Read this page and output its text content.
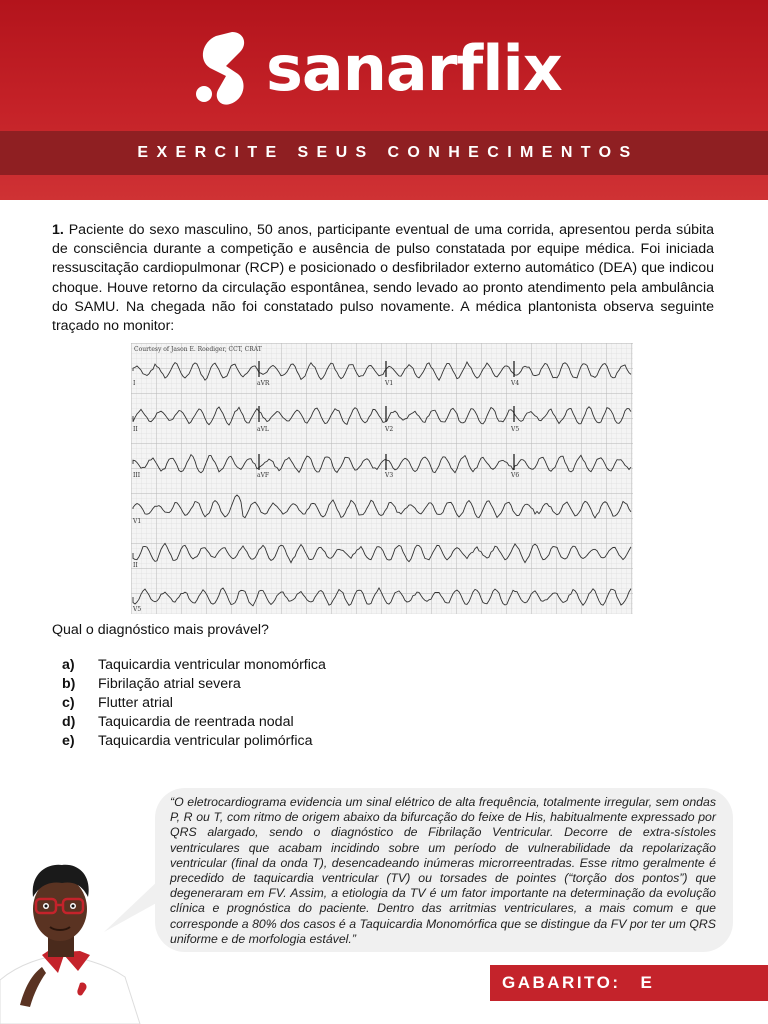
sanarflix
EXERCITE SEUS CONHECIMENTOS
1. Paciente do sexo masculino, 50 anos, participante eventual de uma corrida, apresentou perda súbita de consciência durante a competição e ausência de pulso constatada por equipe médica. Foi iniciada ressuscitação cardiopulmonar (RCP) e posicionado o desfibrilador externo automático (DEA) que indicou choque. Houve retorno da circulação espontânea, sendo levado ao pronto atendimento pela ambulância do SAMU. Na chegada não foi constatado pulso novamente. A médica plantonista observa seguinte traçado no monitor:
Courtesy of Jason E. Roediger, CCT, CRAT
I	aVR	V1	V4
II	aVL	V2	V5
III	aVF	V3	V6
V1
II
V5
Qual o diagnóstico mais provável?
a)	Taquicardia ventricular monomórfica
b)	Fibrilação atrial severa
c)	Flutter atrial
d)	Taquicardia de reentrada nodal
e)	Taquicardia ventricular polimórfica
“O eletrocardiograma evidencia um sinal elétrico de alta frequência, totalmente irregular, sem ondas P, R ou T, com ritmo de origem abaixo da bifurcação do feixe de His, habitualmente expressado por QRS alargado, sendo o diagnóstico de Fibrilação Ventricular. Decorre de extra-sístoles ventriculares que acabam incidindo sobre um período de vulnerabilidade da repolarização ventricular (final da onda T), desencadeando inúmeras microrreentradas. Esse ritmo geralmente é precedido de taquicardia ventricular (TV) ou torsades de pointes (“torção dos pontos”) que degeneraram em FV. Assim, a etiologia da TV é um fator importante na determinação da evolução clínica e prognóstica do paciente. Dentro das arritmias ventriculares, a mais comum e que corresponde a 80% dos casos é a Taquicardia Monomórfica que se distingue da FV por ter um QRS uniforme e de morfologia estável.”
GABARITO: E
